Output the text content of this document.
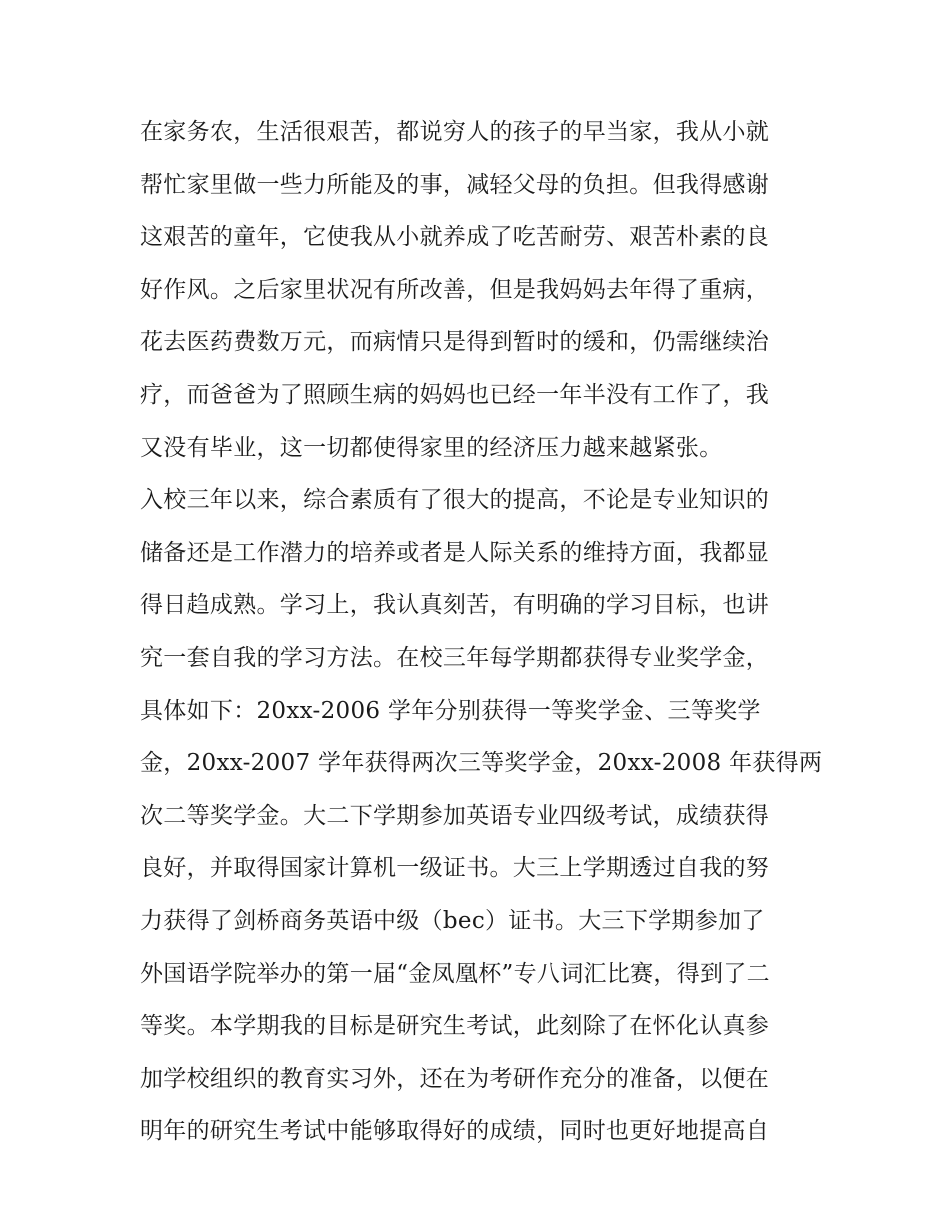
在家务农，生活很艰苦，都说穷人的孩子的早当家，我从小就
帮忙家里做一些力所能及的事，减轻父母的负担。但我得感谢
这艰苦的童年，它使我从小就养成了吃苦耐劳、艰苦朴素的良
好作风。之后家里状况有所改善，但是我妈妈去年得了重病，
花去医药费数万元，而病情只是得到暂时的缓和，仍需继续治
疗，而爸爸为了照顾生病的妈妈也已经一年半没有工作了，我
又没有毕业，这一切都使得家里的经济压力越来越紧张。
入校三年以来，综合素质有了很大的提高，不论是专业知识的
储备还是工作潜力的培养或者是人际关系的维持方面，我都显
得日趋成熟。学习上，我认真刻苦，有明确的学习目标，也讲
究一套自我的学习方法。在校三年每学期都获得专业奖学金，
具体如下：20xx-2006 学年分别获得一等奖学金、三等奖学
金，20xx-2007 学年获得两次三等奖学金，20xx-2008 年获得两
次二等奖学金。大二下学期参加英语专业四级考试，成绩获得
良好，并取得国家计算机一级证书。大三上学期透过自我的努
力获得了剑桥商务英语中级（bec）证书。大三下学期参加了
外国语学院举办的第一届“金凤凰杯”专八词汇比赛，得到了二
等奖。本学期我的目标是研究生考试，此刻除了在怀化认真参
加学校组织的教育实习外，还在为考研作充分的准备，以便在
明年的研究生考试中能够取得好的成绩，同时也更好地提高自
